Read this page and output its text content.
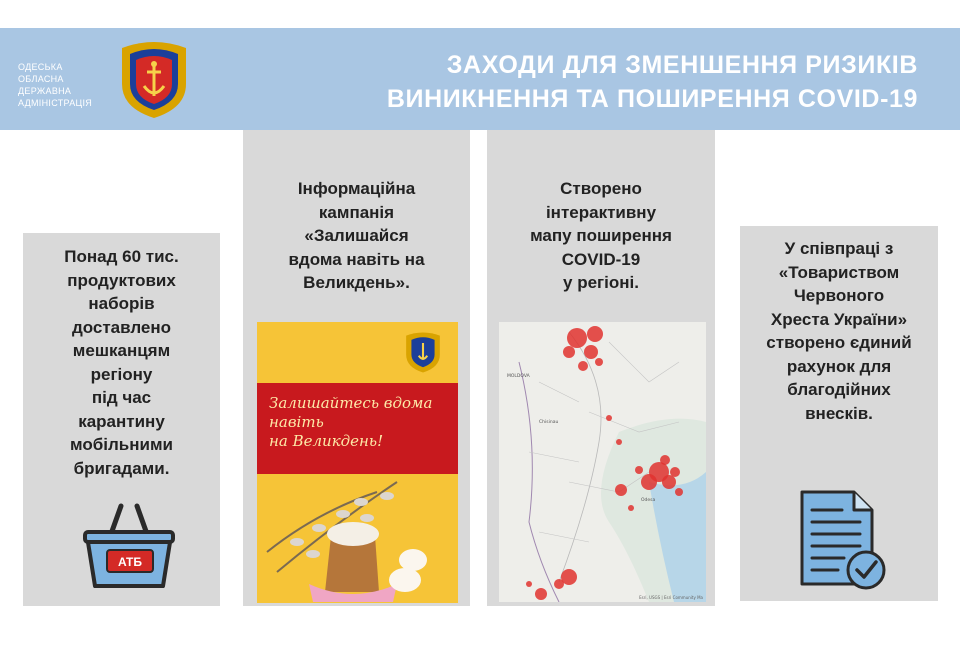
ОДЕСЬКА
ОБЛАСНА
ДЕРЖАВНА
АДМІНІСТРАЦІЯ
ЗАХОДИ ДЛЯ ЗМЕНШЕННЯ РИЗИКІВ
ВИНИКНЕННЯ ТА ПОШИРЕННЯ COVID-19
Понад 60 тис.
продуктових
наборів
доставлено
мешканцям
регіону
під час
карантину
мобільними
бригадами.
АТБ
Інформаційна
кампанія
«Залишайся
вдома навіть на
Великдень».
Залишайтесь вдома
навіть
на Великдень!
Створено
інтерактивну
мапу поширення
COVID-19
у регіоні.
MOLDOVA
Chisinau
Odesa
Esri, USGS | Esri Community Ma
У співпраці з
«Товариством
Червоного
Хреста України»
створено єдиний
рахунок для
благодійних
внесків.
